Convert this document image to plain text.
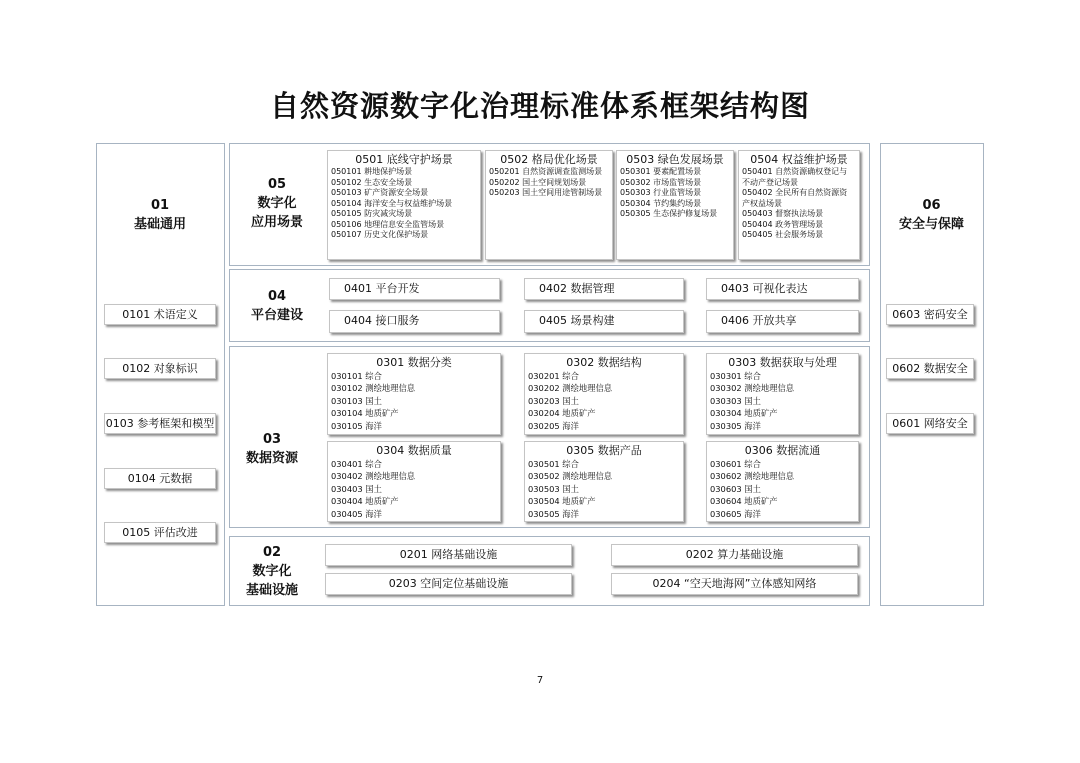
自然资源数字化治理标准体系框架结构图
01
基础通用
0101 术语定义
0102 对象标识
0103 参考框架和模型
0104 元数据
0105 评估改进
06
安全与保障
0603 密码安全
0602 数据安全
0601 网络安全
05
数字化
应用场景
0501 底线守护场景
050101 耕地保护场景
050102 生态安全场景
050103 矿产资源安全场景
050104 海洋安全与权益维护场景
050105 防灾减灾场景
050106 地理信息安全监管场景
050107 历史文化保护场景
0502 格局优化场景
050201 自然资源调查监测场景
050202 国土空间规划场景
050203 国土空间用途管制场景
0503 绿色发展场景
050301 要素配置场景
050302 市场监管场景
050303 行业监管场景
050304 节约集约场景
050305 生态保护修复场景
0504 权益维护场景
050401 自然资源确权登记与
不动产登记场景
050402 全民所有自然资源资
产权益场景
050403 督察执法场景
050404 政务管理场景
050405 社会服务场景
04
平台建设
0401 平台开发	0402 数据管理	0403 可视化表达
0404 接口服务	0405 场景构建	0406 开放共享
03
数据资源
0301 数据分类
030101 综合
030102 测绘地理信息
030103 国土
030104 地质矿产
030105 海洋
0302 数据结构
030201 综合
030202 测绘地理信息
030203 国土
030204 地质矿产
030205 海洋
0303 数据获取与处理
030301 综合
030302 测绘地理信息
030303 国土
030304 地质矿产
030305 海洋
0304 数据质量
030401 综合
030402 测绘地理信息
030403 国土
030404 地质矿产
030405 海洋
0305 数据产品
030501 综合
030502 测绘地理信息
030503 国土
030504 地质矿产
030505 海洋
0306 数据流通
030601 综合
030602 测绘地理信息
030603 国土
030604 地质矿产
030605 海洋
02
数字化
基础设施
0201 网络基础设施	0202 算力基础设施
0203 空间定位基础设施	0204 “空天地海网”立体感知网络
7
